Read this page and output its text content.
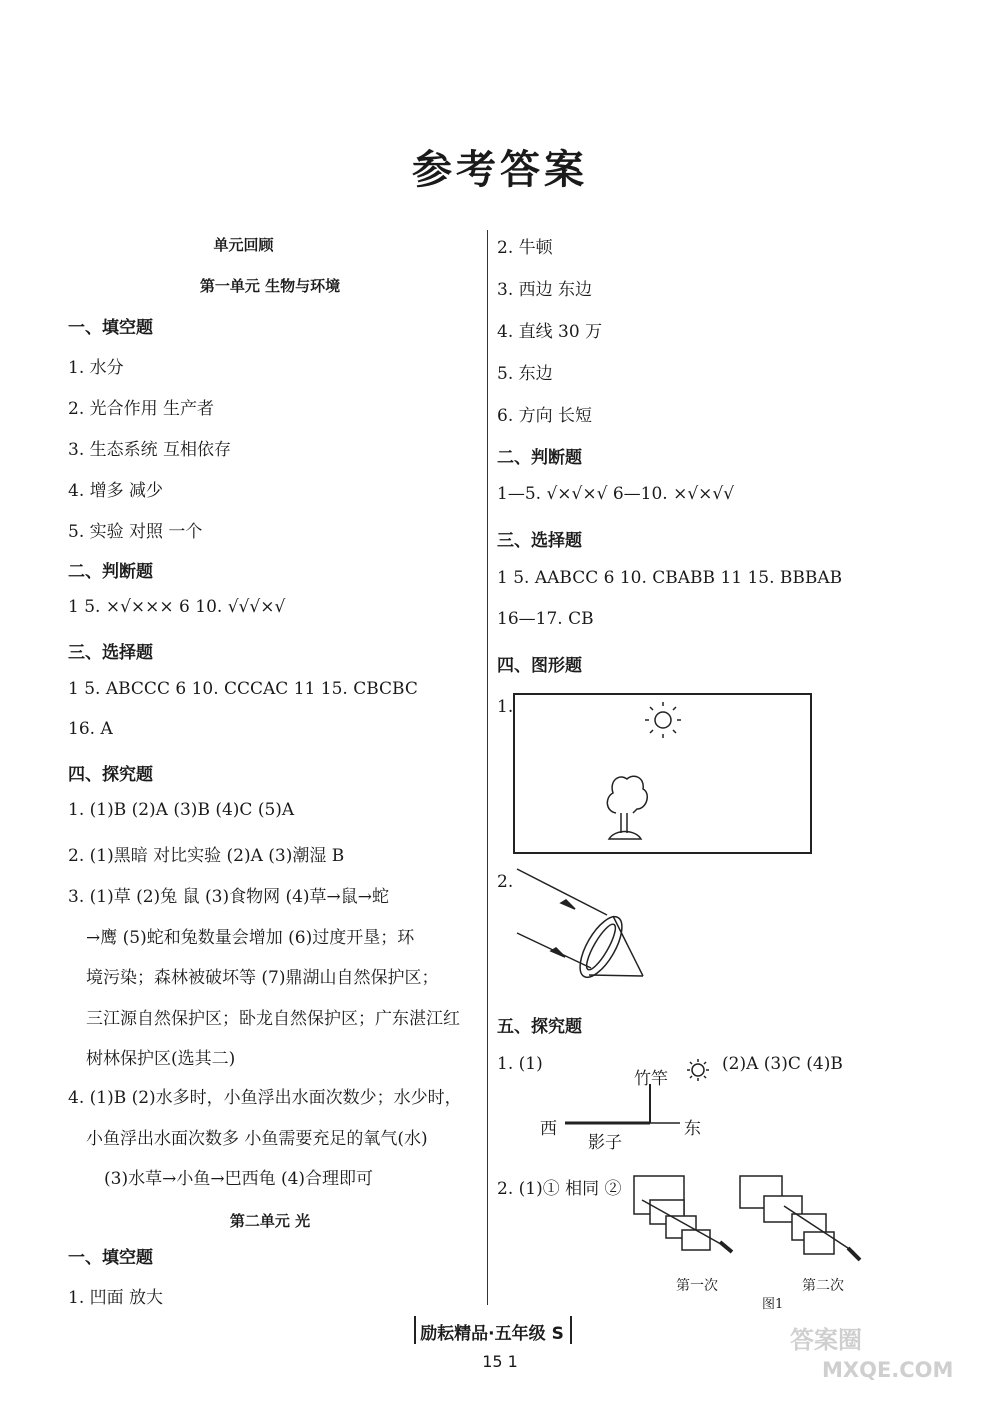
参考答案
单元回顾
第一单元 生物与环境
一、填空题
1. 水分
2. 光合作用 生产者
3. 生态系统 互相依存
4. 增多 减少
5. 实验 对照 一个
二、判断题
1 5. ×√××× 6 10. √√√×√
三、选择题
1 5. ABCCC 6 10. CCCAC 11 15. CBCBC
16. A
四、探究题
1. (1)B (2)A (3)B (4)C (5)A
2. (1)黑暗 对比实验 (2)A (3)潮湿 B
3. (1)草 (2)兔 鼠 (3)食物网 (4)草→鼠→蛇
→鹰 (5)蛇和兔数量会增加 (6)过度开垦；环
境污染；森林被破坏等 (7)鼎湖山自然保护区；
三江源自然保护区；卧龙自然保护区；广东湛江红
树林保护区(选其二)
4. (1)B (2)水多时，小鱼浮出水面次数少；水少时，
小鱼浮出水面次数多 小鱼需要充足的氧气(水)
(3)水草→小鱼→巴西龟 (4)合理即可
第二单元 光
一、填空题
1. 凹面 放大
2. 牛顿
3. 西边 东边
4. 直线 30 万
5. 东边
6. 方向 长短
二、判断题
1—5. √×√×√ 6—10. ×√×√√
三、选择题
1 5. AABCC 6 10. CBABB 11 15. BBBAB
16—17. CB
四、图形题
1.
2.
五、探究题
1. (1)
竹竿
(2)A (3)C (4)B
西	东
影子
2. (1)① 相同 ②
第一次	第二次
图1
励耘精品·五年级 S
15 1
答案圈
MXQE.COM
